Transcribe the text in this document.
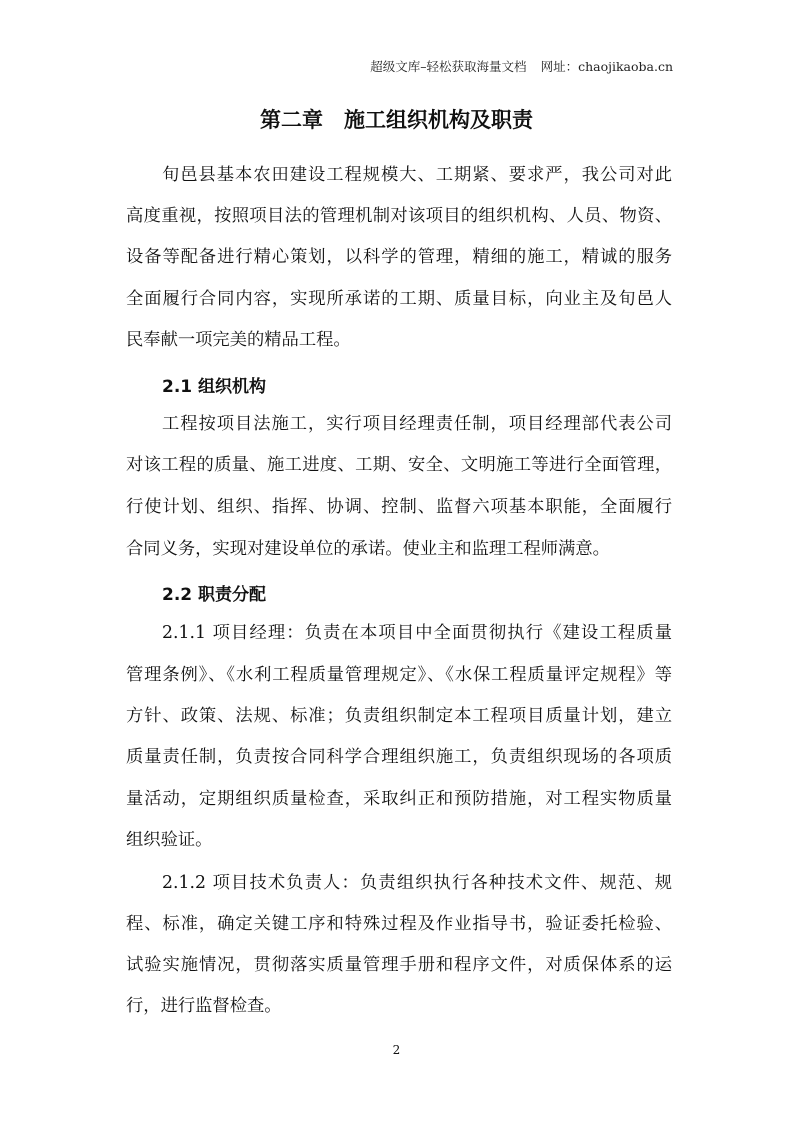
超级文库–轻松获取海量文档 网址：chaojikaoba.cn
第二章　施工组织机构及职责
旬邑县基本农田建设工程规模大、工期紧、要求严，我公司对此
高度重视，按照项目法的管理机制对该项目的组织机构、人员、物资、
设备等配备进行精心策划，以科学的管理，精细的施工，精诚的服务
全面履行合同内容，实现所承诺的工期、质量目标，向业主及旬邑人
民奉献一项完美的精品工程。
2.1 组织机构
工程按项目法施工，实行项目经理责任制，项目经理部代表公司
对该工程的质量、施工进度、工期、安全、文明施工等进行全面管理，
行使计划、组织、指挥、协调、控制、监督六项基本职能，全面履行
合同义务，实现对建设单位的承诺。使业主和监理工程师满意。
2.2 职责分配
2.1.1 项目经理：负责在本项目中全面贯彻执行《建设工程质量
管理条例》、《水利工程质量管理规定》、《水保工程质量评定规程》等
方针、政策、法规、标准；负责组织制定本工程项目质量计划，建立
质量责任制，负责按合同科学合理组织施工，负责组织现场的各项质
量活动，定期组织质量检查，采取纠正和预防措施，对工程实物质量
组织验证。
2.1.2 项目技术负责人：负责组织执行各种技术文件、规范、规
程、标准，确定关键工序和特殊过程及作业指导书，验证委托检验、
试验实施情况，贯彻落实质量管理手册和程序文件，对质保体系的运
行，进行监督检查。
2
